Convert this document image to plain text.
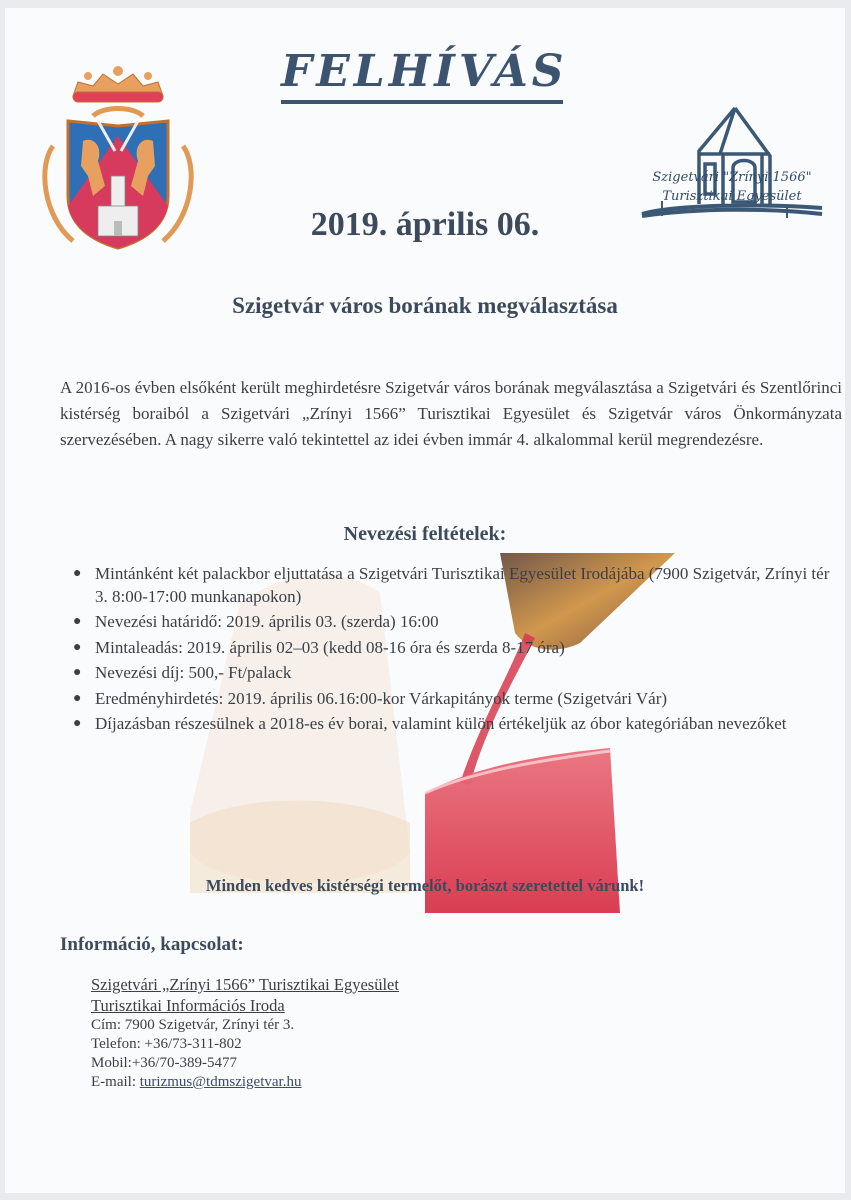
FELHÍVÁS
Szigetvári "Zrínyi 1566"
Turisztikai Egyesület
2019. április 06.
Szigetvár város borának megválasztása

A 2016-os évben elsőként került meghirdetésre Szigetvár város borának megválasztása a Szigetvári és Szentlőrinci kistérség boraiból a Szigetvári „Zrínyi 1566” Turisztikai Egyesület és Szigetvár város Önkormányzata szervezésében. A nagy sikerre való tekintettel az idei évben immár 4. alkalommal kerül megrendezésre.

Nevezési feltételek:
● Mintánként két palackbor eljuttatása a Szigetvári Turisztikai Egyesület Irodájába (7900 Szigetvár, Zrínyi tér 3. 8:00-17:00 munkanapokon)
● Nevezési határidő: 2019. április 03. (szerda) 16:00
● Mintaleadás: 2019. április 02–03 (kedd 08-16 óra és szerda 8-17 óra)
● Nevezési díj: 500,- Ft/palack
● Eredményhirdetés: 2019. április 06.16:00-kor Várkapitányok terme (Szigetvári Vár)
● Díjazásban részesülnek a 2018-es év borai, valamint külön értékeljük az óbor kategóriában nevezőket
Minden kedves kistérségi termelőt, borászt szeretettel várunk!
Információ, kapcsolat:
Szigetvári „Zrínyi 1566” Turisztikai Egyesület
Turisztikai Információs Iroda
Cím: 7900 Szigetvár, Zrínyi tér 3.
Telefon: +36/73-311-802
Mobil:+36/70-389-5477
E-mail: turizmus@tdmszigetvar.hu
